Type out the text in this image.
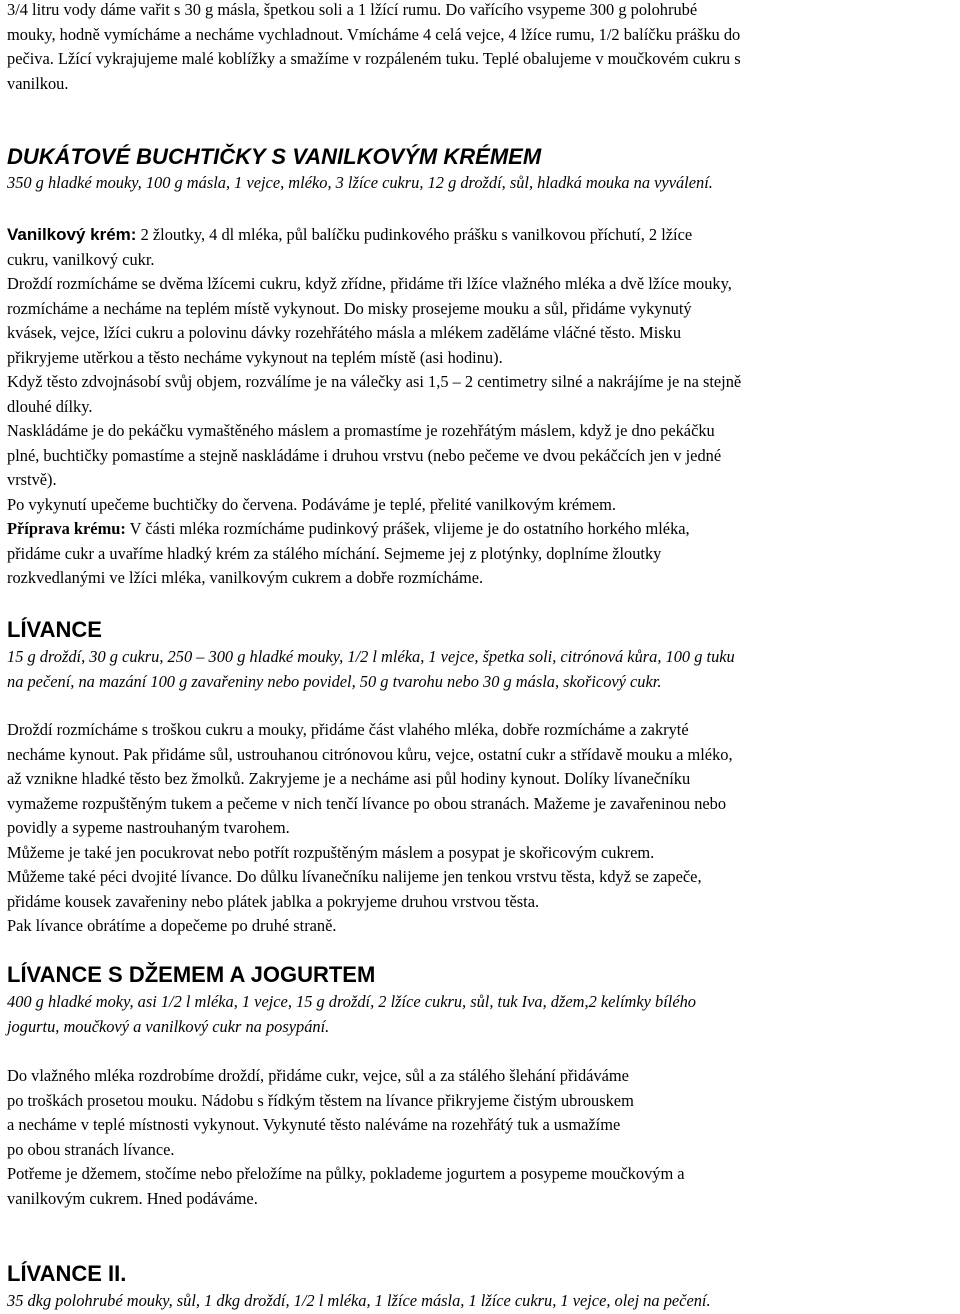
3/4 litru vody dáme vařit s 30 g másla, špetkou soli a 1 lžící rumu. Do vařícího vsypeme 300 g polohrubé

mouky, hodně vymícháme a necháme vychladnout. Vmícháme 4 celá vejce, 4 lžíce rumu, 1/2 balíčku prášku do

pečiva. Lžící vykrajujeme malé koblížky a smažíme v rozpáleném tuku. Teplé obalujeme v moučkovém cukru s

vanilkou.

DUKÁTOVÉ BUCHTIČKY S VANILKOVÝM KRÉMEM

350 g hladké mouky, 100 g másla, 1 vejce, mléko, 3 lžíce cukru, 12 g droždí, sůl, hladká mouka na vyválení.

Vanilkový krém: 2 žloutky, 4 dl mléka, půl balíčku pudinkového prášku s vanilkovou příchutí, 2 lžíce

cukru, vanilkový cukr.

Droždí rozmícháme se dvěma lžícemi cukru, když zřídne, přidáme tři lžíce vlažného mléka a dvě lžíce mouky,

rozmícháme a necháme na teplém místě vykynout. Do misky prosejeme mouku a sůl, přidáme vykynutý

kvásek, vejce, lžíci cukru a polovinu dávky rozehřátého másla a mlékem zaděláme vláčné těsto. Misku

přikryjeme utěrkou a těsto necháme vykynout na teplém místě (asi hodinu).

Když těsto zdvojnásobí svůj objem, rozválíme je na válečky asi 1,5 – 2 centimetry silné a nakrájíme je na stejně

dlouhé dílky.

Naskládáme je do pekáčku vymaštěného máslem a promastíme je rozehřátým máslem, když je dno pekáčku

plné, buchtičky pomastíme a stejně naskládáme i druhou vrstvu (nebo pečeme ve dvou pekáčcích jen v jedné

vrstvě).

Po vykynutí upečeme buchtičky do červena. Podáváme je teplé, přelité vanilkovým krémem.

Příprava krému: V části mléka rozmícháme pudinkový prášek, vlijeme je do ostatního horkého mléka,

přidáme cukr a uvaříme hladký krém za stálého míchání. Sejmeme jej z plotýnky, doplníme žloutky

rozkvedlanými ve lžíci mléka, vanilkovým cukrem a dobře rozmícháme.

LÍVANCE

15 g droždí, 30 g cukru, 250 – 300 g hladké mouky, 1/2 l mléka, 1 vejce, špetka soli, citrónová kůra, 100 g tuku

na pečení, na mazání 100 g zavařeniny nebo povidel, 50 g tvarohu nebo 30 g másla, skořicový cukr.

Droždí rozmícháme s troškou cukru a mouky, přidáme část vlahého mléka, dobře rozmícháme a zakryté

necháme kynout. Pak přidáme sůl, ustrouhanou citrónovou kůru, vejce, ostatní cukr a střídavě mouku a mléko,

až vznikne hladké těsto bez žmolků. Zakryjeme je a necháme asi půl hodiny kynout. Dolíky lívanečníku

vymažeme rozpuštěným tukem a pečeme v nich tenčí lívance po obou stranách. Mažeme je zavařeninou nebo

povidly a sypeme nastrouhaným tvarohem.

Můžeme je také jen pocukrovat nebo potřít rozpuštěným máslem a posypat je skořicovým cukrem.

Můžeme také péci dvojité lívance. Do důlku lívanečníku nalijeme jen tenkou vrstvu těsta, když se zapeče,

přidáme kousek zavařeniny nebo plátek jablka a pokryjeme druhou vrstvou těsta.

Pak lívance obrátíme a dopečeme po druhé straně.

LÍVANCE S DŽEMEM A JOGURTEM

400 g hladké moky, asi 1/2 l mléka, 1 vejce, 15 g droždí, 2 lžíce cukru, sůl, tuk Iva, džem,2 kelímky bílého

jogurtu, moučkový a vanilkový cukr na posypání.

Do vlažného mléka rozdrobíme droždí, přidáme cukr, vejce, sůl a za stálého šlehání přidáváme

po troškách prosetou mouku. Nádobu s řídkým těstem na lívance přikryjeme čistým ubrouskem

a necháme v teplé místnosti vykynout. Vykynuté těsto naléváme na rozehřátý tuk a usmažíme

po obou stranách lívance.

Potřeme je džemem, stočíme nebo přeložíme na půlky, poklademe jogurtem a posypeme moučkovým a

vanilkovým cukrem. Hned podáváme.

LÍVANCE II.

35 dkg polohrubé mouky, sůl, 1 dkg droždí, 1/2 l mléka, 1 lžíce másla, 1 lžíce cukru, 1 vejce, olej na pečení.
